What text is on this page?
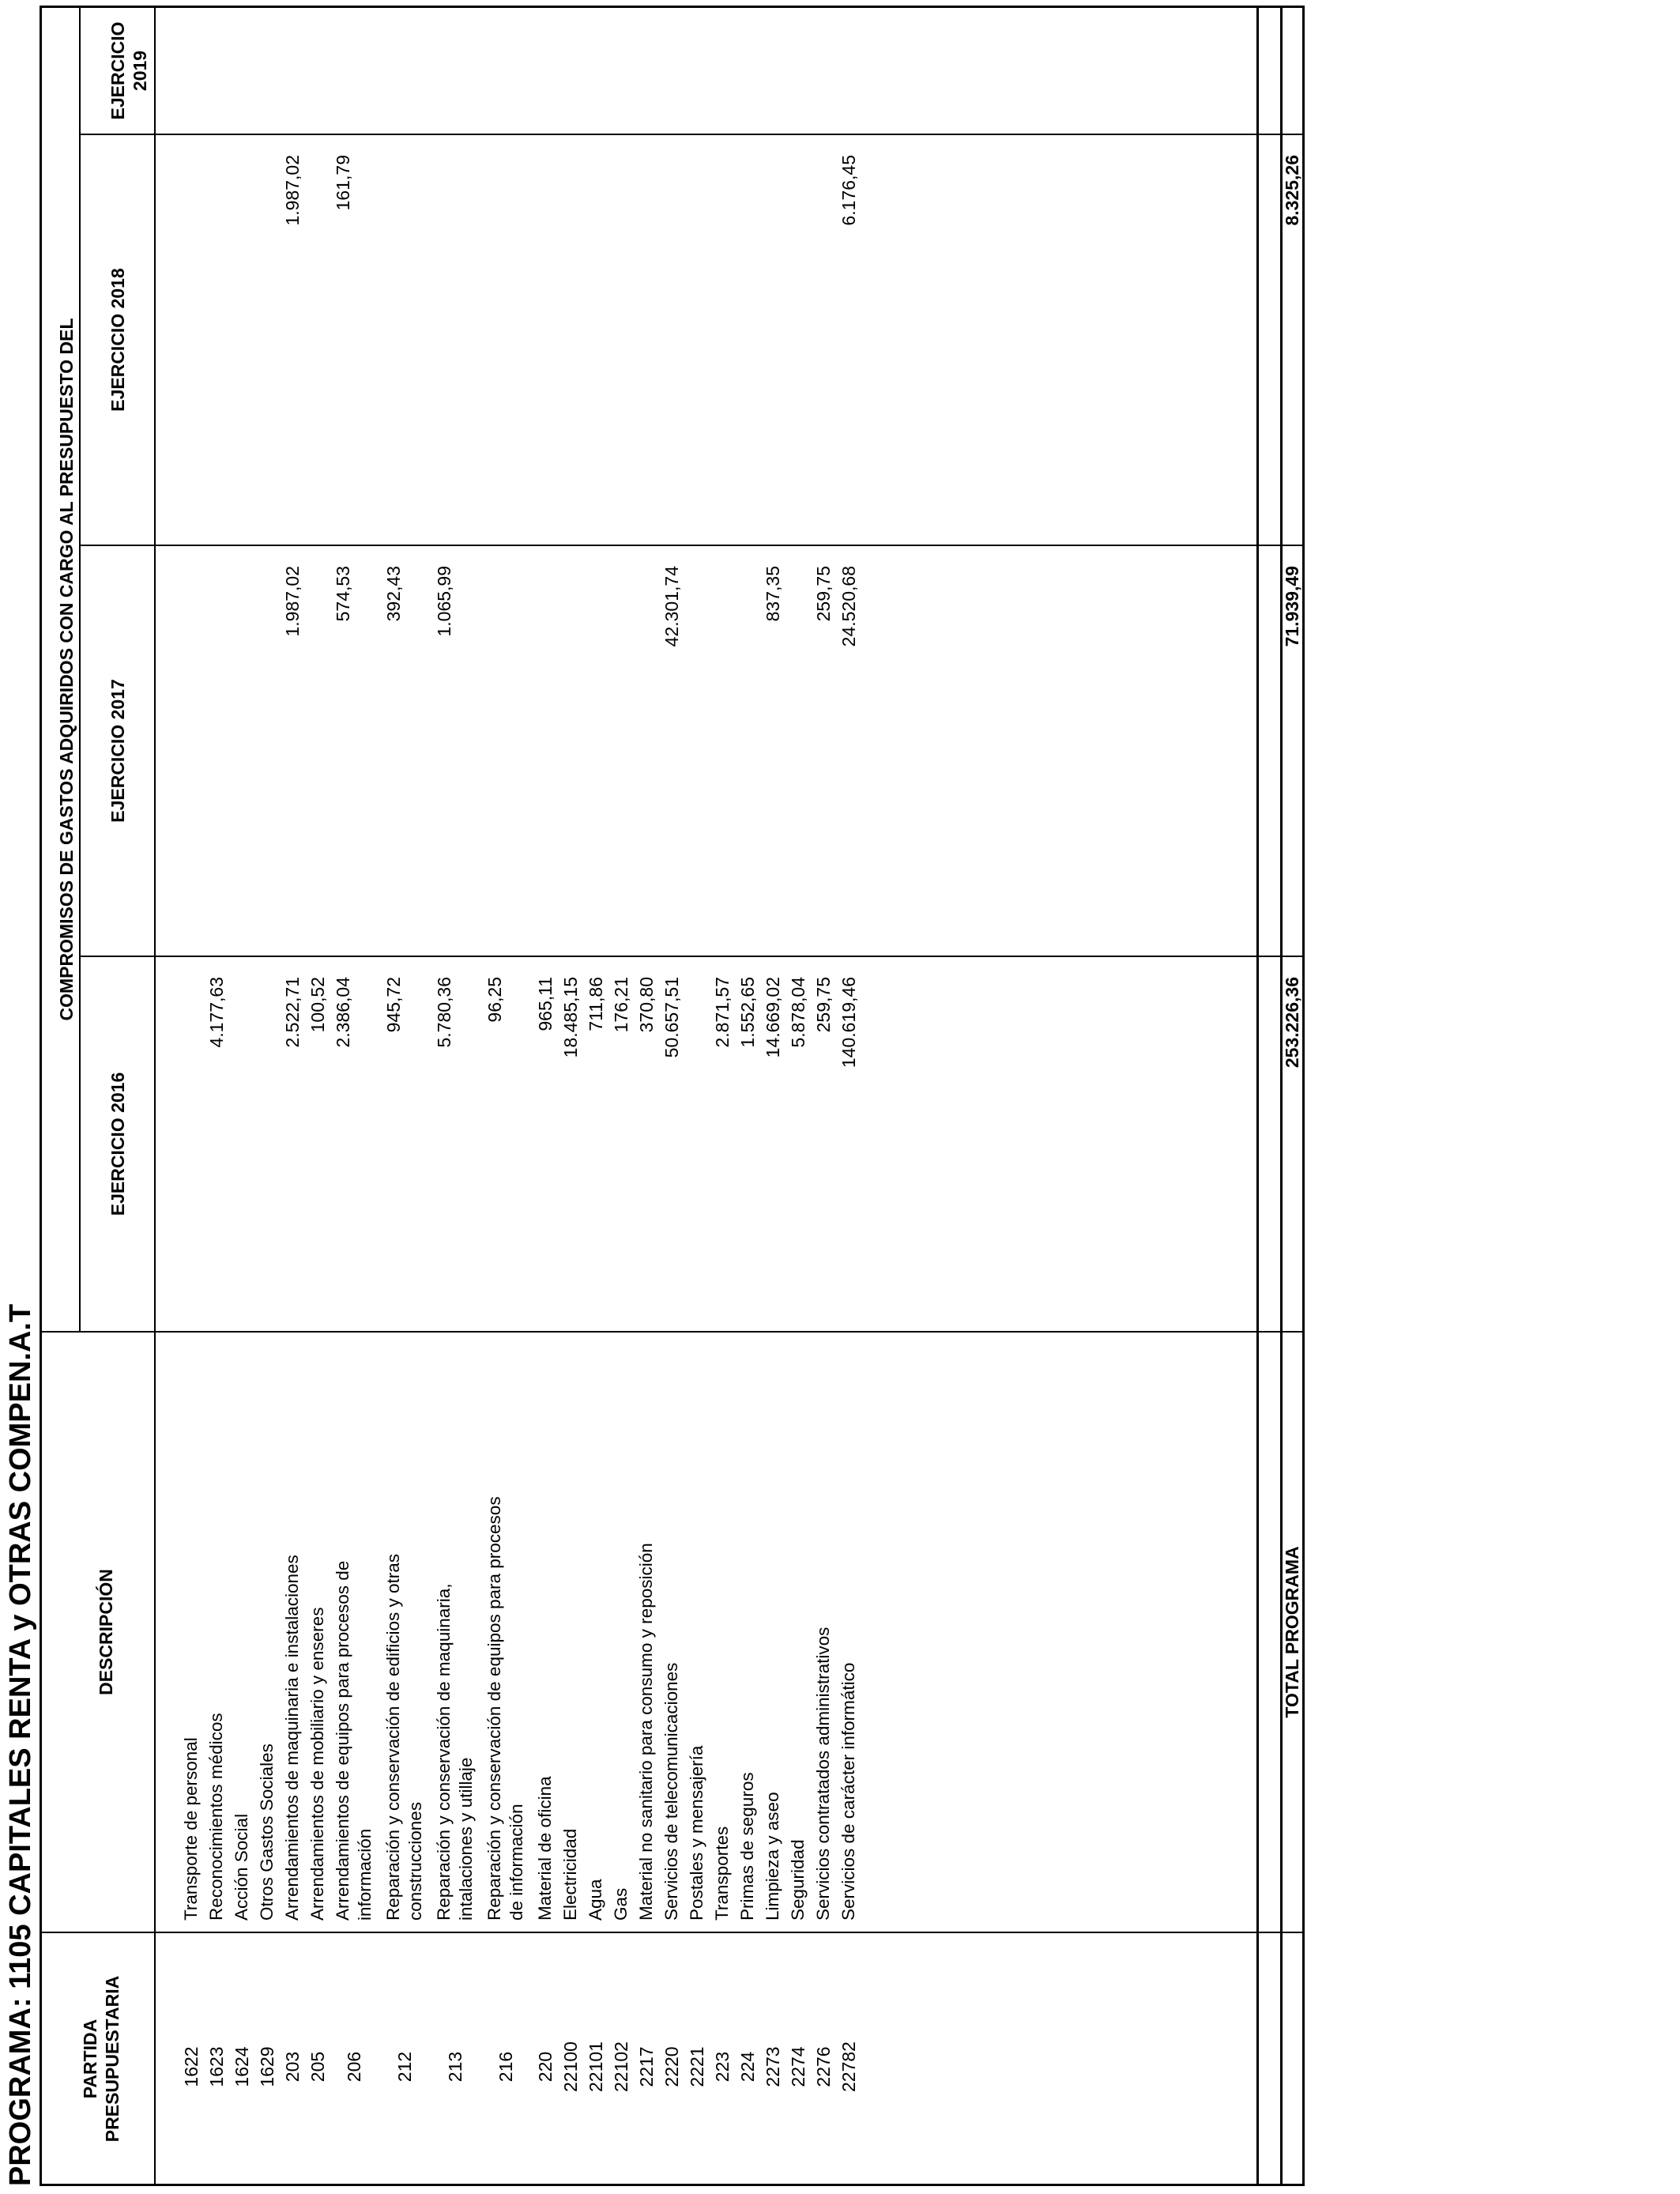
PROGRAMA: 1105 CAPITALES RENTA y OTRAS COMPEN.A.T PARTIDA PRESUPUESTARIA
DESCRIPCIÓN
COMPROMISOS DE GASTOS ADQUIRIDOS CON CARGO AL PRESUPUESTO DEL
EJERCICIO 2016
EJERCICIO 2017
EJERCICIO 2018
EJERCICIO 2019
1622
Transporte de personal
1623
Reconocimientos médicos
4.177,63
1624
Acción Social
1629
Otros Gastos Sociales
203
Arrendamientos de maquinaria e instalaciones
2.522,71
1.987,02
1.987,02
205
Arrendamientos de mobiliario y enseres
100,52
206
Arrendamientos de equipos para procesos de información
2.386,04
574,53
161,79
212
Reparación y conservación de edificios y otras construcciones
945,72
392,43
213
Reparación y conservación de maquinaria, intalaciones y utillaje
5.780,36
1.065,99
216
Reparación y conservación de equipos para procesos de información
96,25
220
Material de oficina
965,11
22100
Electricidad
18.485,15
22101
Agua
711,86
22102
Gas
176,21
2217
Material no sanitario para consumo y reposición
370,80
2220
Servicios de telecomunicaciones
50.657,51
42.301,74
2221
Postales y mensajería
223
Transportes
2.871,57
224
Primas de seguros
1.552,65
2273
Limpieza y aseo
14.669,02
837,35
2274
Seguridad
5.878,04
2276
Servicios contratados administrativos
259,75
259,75
22782
Servicios de carácter informático
140.619,46
24.520,68
6.176,45
TOTAL PROGRAMA
253.226,36
71.939,49
8.325,26
